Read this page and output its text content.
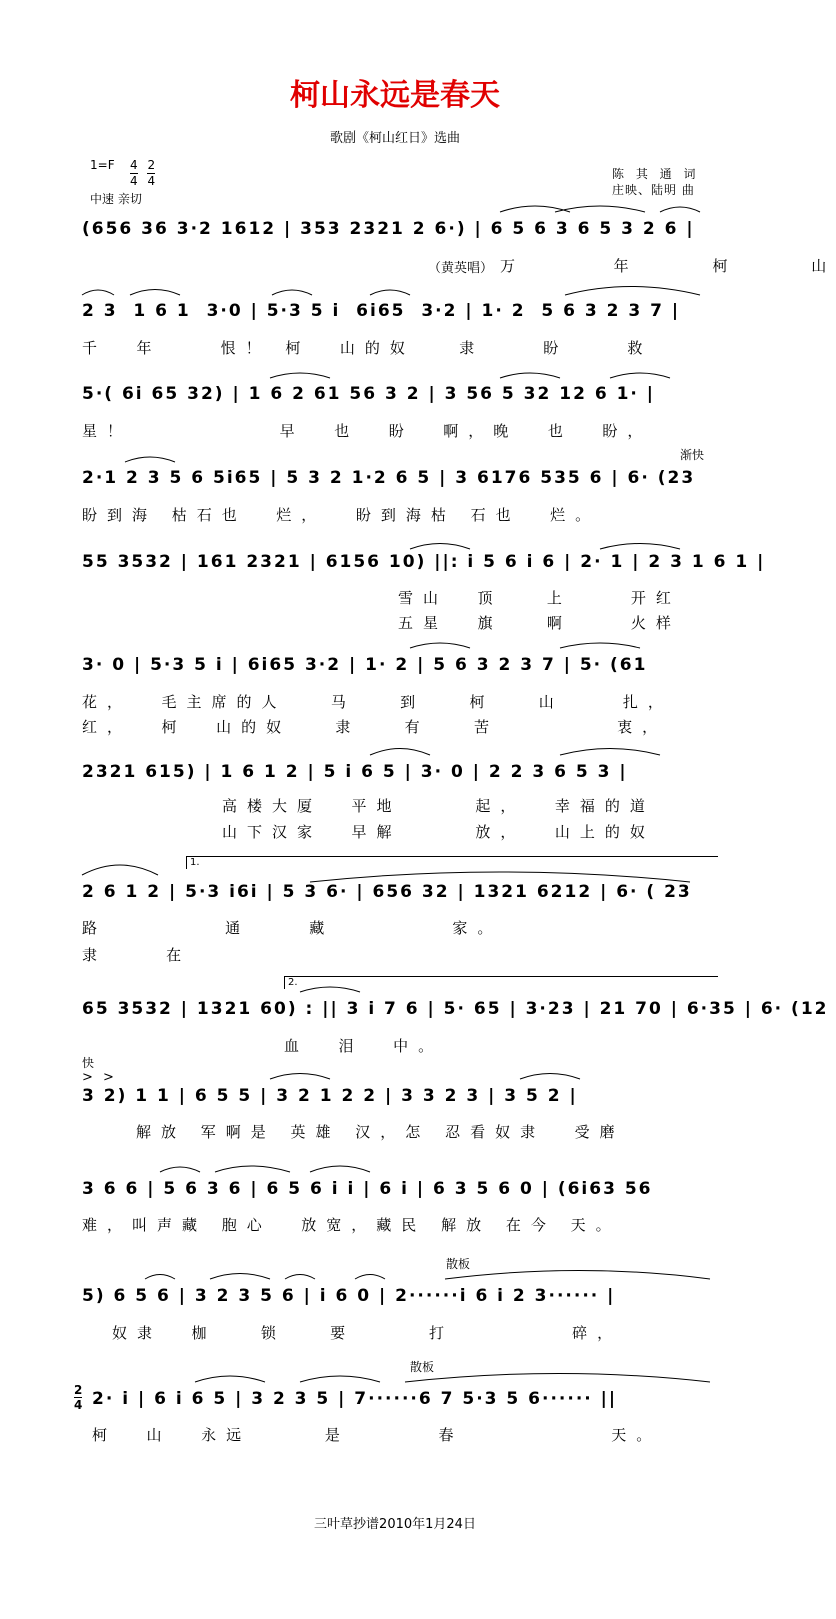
柯山永远是春天
歌剧《柯山红日》选曲
$1=F \frac{4}{4}$
$\frac{2}{4}$
中速 亲切
陈 其 通 词
庄映、陆明 曲
(656 36 3·2 1612 | 353 2321 2 6·) | 6 5 6 3 6 5 3 2 6 |
（黄英唱） 万      年     柯     山
2 3  1 6 1  3·0 | 5·3 5 i  6i65  3·2 | 1· 2  5 6 3 2 3 7 |
千  年    恨！ 柯  山的奴   隶    盼    救
5·( 6i 65 32) | 1 6 2 61 56 3 2 | 3 56 5 32 12 6 1· |
星！          早  也  盼  啊，晚  也  盼，
渐快
2·1 2 3 5 6 5i65 | 5 3 2 1·2 6 5 | 3 6176 535 6 | 6· (23
盼到海 枯石也  烂，  盼到海枯 石也  烂。
55 3532 | 161 2321 | 6156 10) ||: i 5 6 i 6 | 2· 1 | 2 3 1 6 1 |
雪山  顶   上    开红
五星  旗   啊    火样
3· 0 | 5·3 5 i | 6i65 3·2 | 1· 2 | 5 6 3 2 3 7 | 5· (61
花，  毛主席的人   马   到   柯   山    扎，
红，  柯  山的奴   隶   有   苦        衷，
2321 615) | 1 6 1 2 | 5 i 6 5 | 3· 0 | 2 2 3 6 5 3 |
高楼大厦  平地     起，  幸福的道
山下汉家  早解     放，  山上的奴
1.
2 6 1 2 | 5·3 i6i | 5 3 6· | 656 32 | 1321 6212 | 6· ( 23
路        通    藏        家。
隶    在
2.
65 3532 | 1321 60) : || 3 i 7 6 | 5· 65 | 3·23 | 21 70 | 6·35 | 6· (12
血  泪  中。
快
> >
3 2) 1 1 | 6 5 5 | 3 2 1 2 2 | 3 3 2 3 | 3 5 2 |
解放 军啊是 英雄 汉，怎 忍看奴隶  受磨
3 6 6 | 5 6 3 6 | 6 5 6 i i | 6 i | 6 3 5 6 0 | (6i63 56
难，叫声藏 胞心  放宽，藏民 解放 在今 天。
散板
5) 6 5 6 | 3 2 3 5 6 | i 6 0 | 2······i 6 i 2 3······ |
奴隶  枷   锁   要     打        碎，
散板
2
4 2· i | 6 i 6 5 | 3 2 3 5 | 7······6 7 5·3 5 6······ ||
柯  山  永远     是      春          天。
三叶草抄谱2010年1月24日
